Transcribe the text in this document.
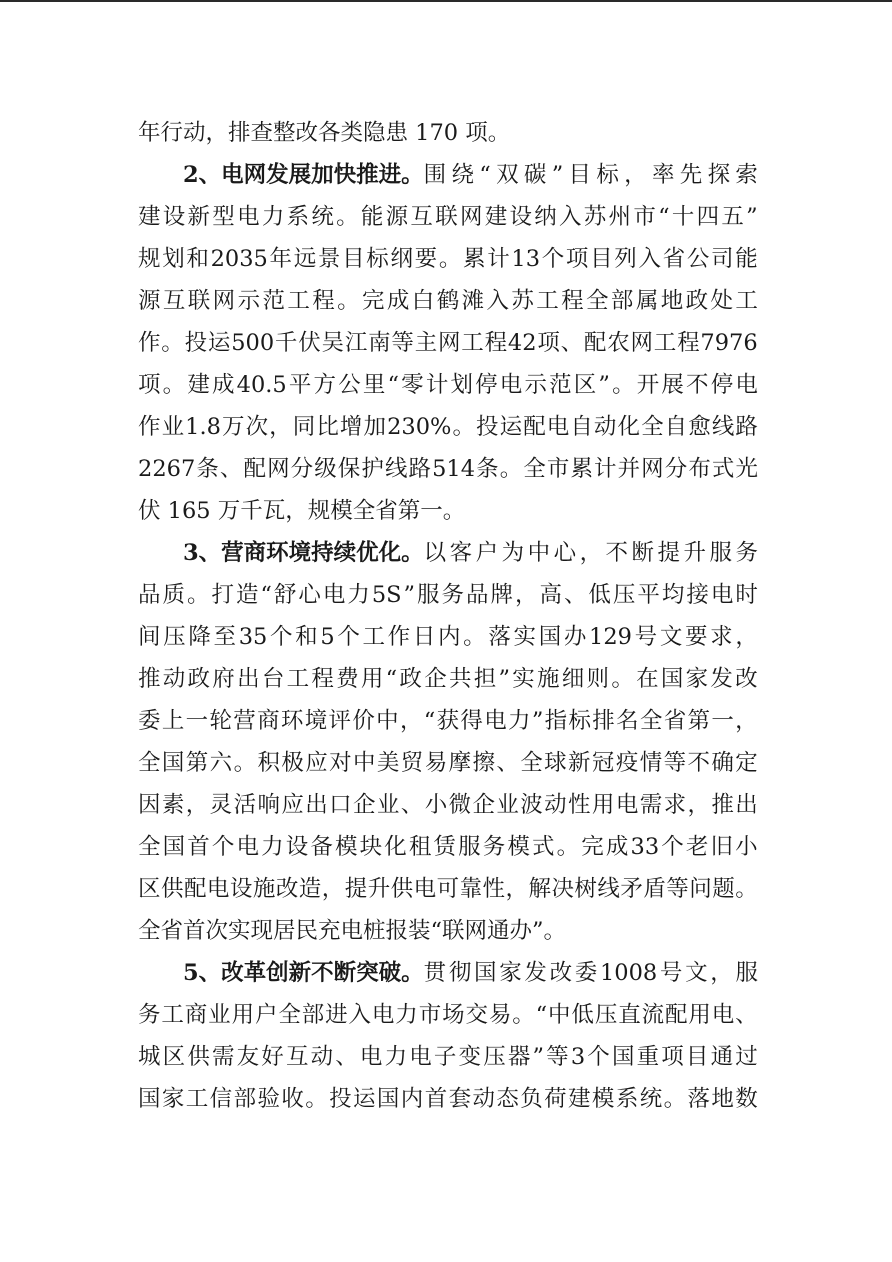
年行动，排查整改各类隐患 170 项。
2、电网发展加快推进。 围 绕 “ 双 碳 ” 目 标 ， 率 先 探 索
建 设 新 型 电 力 系 统 。 能 源 互 联 网 建 设 纳 入 苏 州 市 “ 十 四 五 ”
规 划 和 2035 年 远 景 目 标 纲 要 。 累 计 13 个 项 目 列 入 省 公 司 能
源 互 联 网 示 范 工 程 。 完 成 白 鹤 滩 入 苏 工 程 全 部 属 地 政 处 工
作 。 投 运 500 千 伏 吴 江 南 等 主 网 工 程 42 项 、 配 农 网 工 程 7976
项 。 建 成 40.5 平 方 公 里 “ 零 计 划 停 电 示 范 区 ” 。 开 展 不 停 电
作 业 1.8 万 次 ， 同 比 增 加 230% 。 投 运 配 电 自 动 化 全 自 愈 线 路
2267 条 、 配 网 分 级 保 护 线 路 514 条 。 全 市 累 计 并 网 分 布 式 光
伏 165 万千瓦，规模全省第一。
3、营商环境持续优化。 以 客 户 为 中 心 ， 不 断 提 升 服 务
品 质 。 打 造 “ 舒 心 电 力 5S ” 服 务 品 牌 ， 高 、 低 压 平 均 接 电 时
间 压 降 至 35 个 和 5 个 工 作 日 内 。 落 实 国 办 129 号 文 要 求 ，
推 动 政 府 出 台 工 程 费 用 “ 政 企 共 担 ” 实 施 细 则 。 在 国 家 发 改
委 上 一 轮 营 商 环 境 评 价 中 ， “ 获 得 电 力 ” 指 标 排 名 全 省 第 一 ，
全 国 第 六 。 积 极 应 对 中 美 贸 易 摩 擦 、 全 球 新 冠 疫 情 等 不 确 定
因 素 ， 灵 活 响 应 出 口 企 业 、 小 微 企 业 波 动 性 用 电 需 求 ， 推 出
全 国 首 个 电 力 设 备 模 块 化 租 赁 服 务 模 式 。 完 成 33 个 老 旧 小
区 供 配 电 设 施 改 造 ， 提 升 供 电 可 靠 性 ， 解 决 树 线 矛 盾 等 问 题 。
全省首次实现居民充电桩报装“联网通办”。
5、改革创新不断突破。 贯 彻 国 家 发 改 委 1008 号 文 ， 服
务 工 商 业 用 户 全 部 进 入 电 力 市 场 交 易 。 “ 中 低 压 直 流 配 用 电 、
城 区 供 需 友 好 互 动 、 电 力 电 子 变 压 器 ” 等 3 个 国 重 项 目 通 过
国 家 工 信 部 验 收 。 投 运 国 内 首 套 动 态 负 荷 建 模 系 统 。 落 地 数
